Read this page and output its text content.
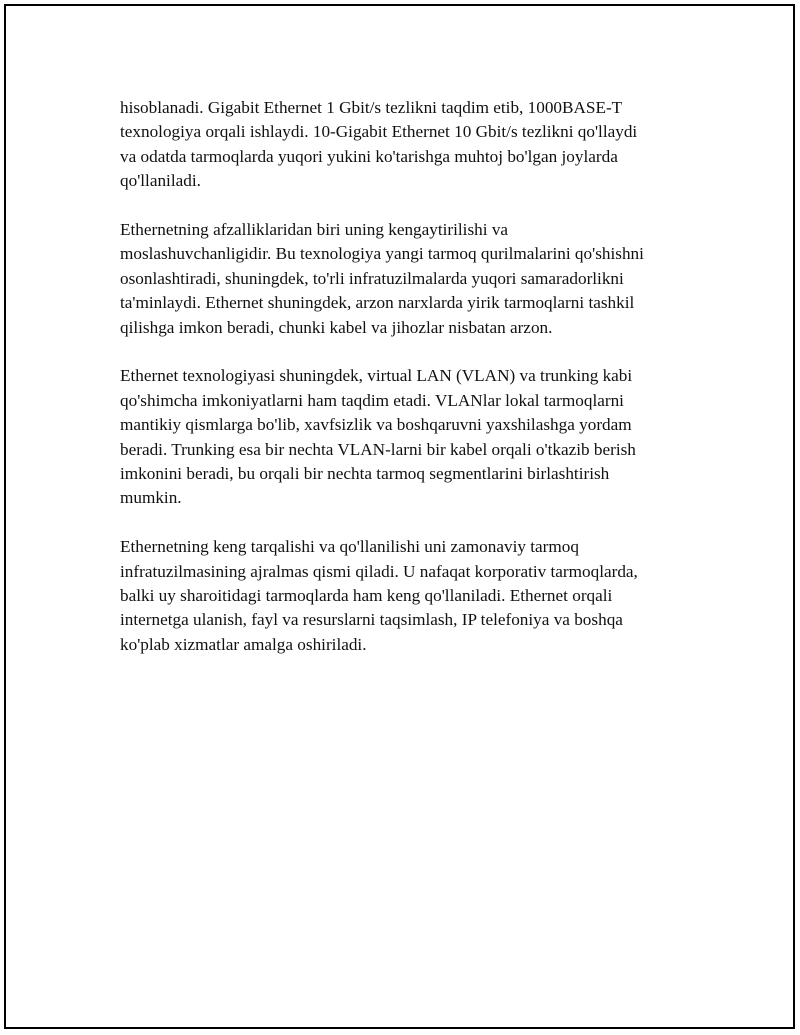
hisoblanadi. Gigabit Ethernet 1 Gbit/s tezlikni taqdim etib, 1000BASE-T
texnologiya orqali ishlaydi. 10-Gigabit Ethernet 10 Gbit/s tezlikni qo'llaydi
va odatda tarmoqlarda yuqori yukini ko'tarishga muhtoj bo'lgan joylarda
qo'llaniladi.

Ethernetning afzalliklaridan biri uning kengaytirilishi va
moslashuvchanligidir. Bu texnologiya yangi tarmoq qurilmalarini qo'shishni
osonlashtiradi, shuningdek, to'rli infratuzilmalarda yuqori samaradorlikni
ta'minlaydi. Ethernet shuningdek, arzon narxlarda yirik tarmoqlarni tashkil
qilishga imkon beradi, chunki kabel va jihozlar nisbatan arzon.

Ethernet texnologiyasi shuningdek, virtual LAN (VLAN) va trunking kabi
qo'shimcha imkoniyatlarni ham taqdim etadi. VLANlar lokal tarmoqlarni
mantikiy qismlarga bo'lib, xavfsizlik va boshqaruvni yaxshilashga yordam
beradi. Trunking esa bir nechta VLAN-larni bir kabel orqali o'tkazib berish
imkonini beradi, bu orqali bir nechta tarmoq segmentlarini birlashtirish
mumkin.

Ethernetning keng tarqalishi va qo'llanilishi uni zamonaviy tarmoq
infratuzilmasining ajralmas qismi qiladi. U nafaqat korporativ tarmoqlarda,
balki uy sharoitidagi tarmoqlarda ham keng qo'llaniladi. Ethernet orqali
internetga ulanish, fayl va resurslarni taqsimlash, IP telefoniya va boshqa
ko'plab xizmatlar amalga oshiriladi.
